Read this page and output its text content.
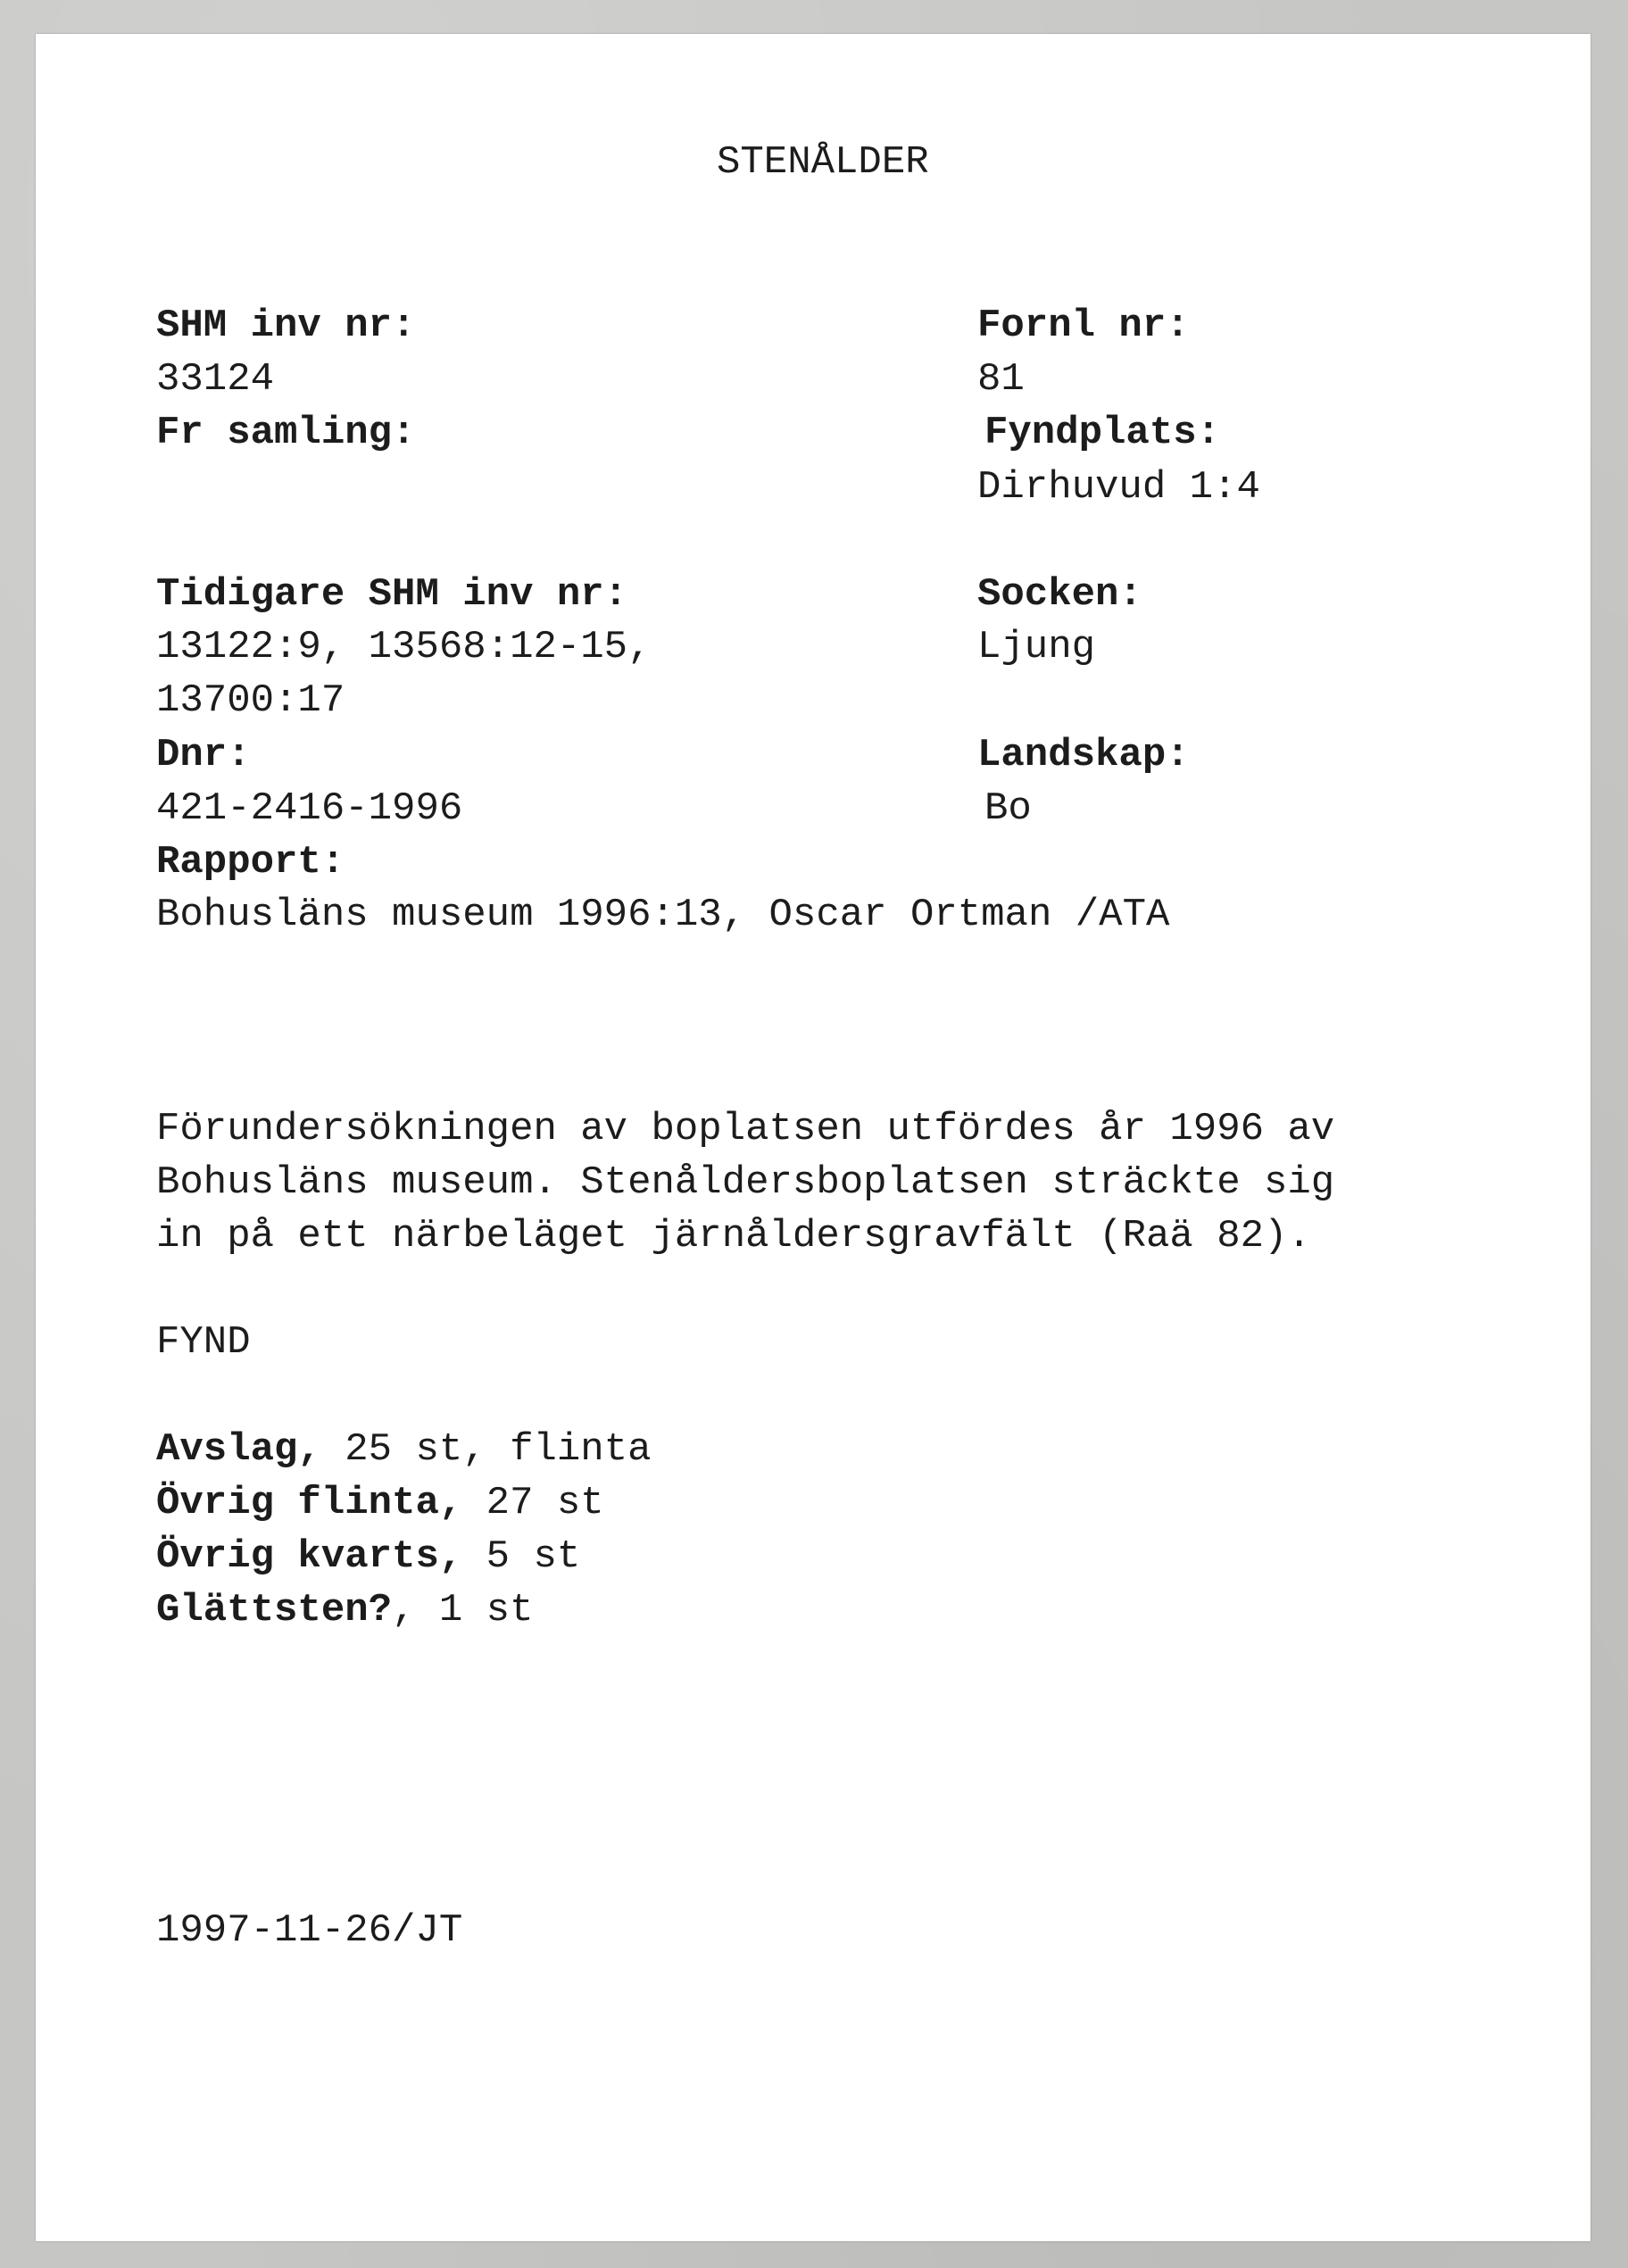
STENÅLDER
SHM inv nr:
33124
Fr samling:
Tidigare SHM inv nr:
13122:9, 13568:12-15,
13700:17
Dnr:
421-2416-1996
Rapport:
Bohusläns museum 1996:13, Oscar Ortman /ATA
Fornl nr:
81
Fyndplats:
Dirhuvud 1:4
Socken:
Ljung
Landskap:
Bo
Förundersökningen av boplatsen utfördes år 1996 av
Bohusläns museum. Stenåldersboplatsen sträckte sig
in på ett närbeläget järnåldersgravfält (Raä 82).
FYND
Avslag, 25 st, flinta
Övrig flinta, 27 st
Övrig kvarts, 5 st
Glättsten?, 1 st
1997-11-26/JT
